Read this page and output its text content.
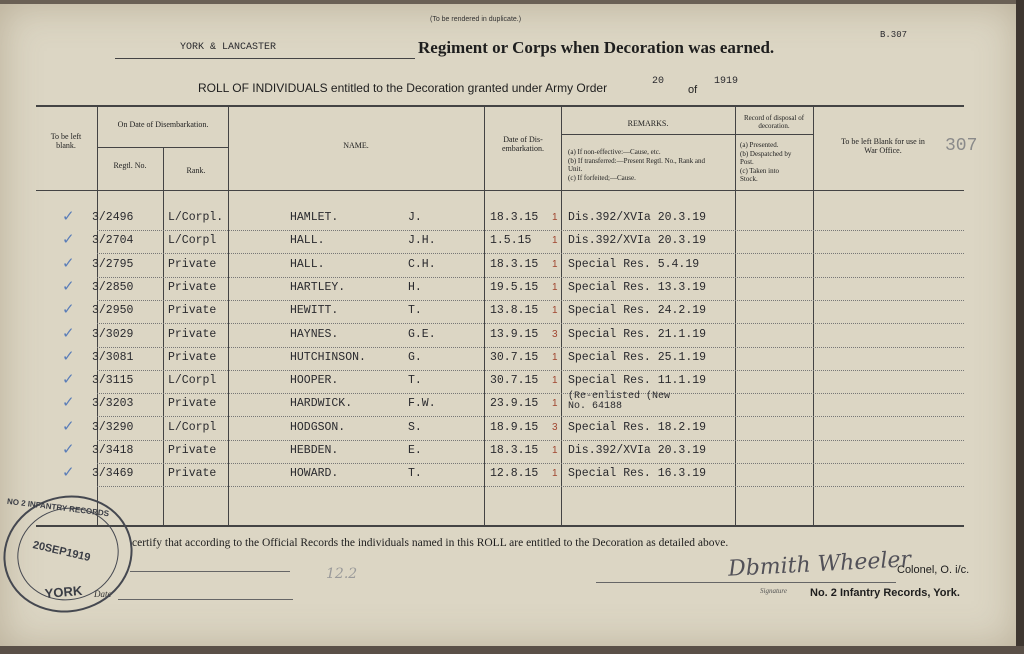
(To be rendered in duplicate.)
B.307
307
YORK & LANCASTER	Regiment or Corps when Decoration was earned.
ROLL OF INDIVIDUALS entitled to the Decoration granted under Army Order	20
of
1919
To be left blank.
On Date of Disembarkation.
Regtl. No.
Rank.
NAME.
Date of Dis-embarkation.
REMARKS.
(a) If non-effective:—Cause, etc.
(b) If transferred:—Present Regtl. No., Rank and Unit.
(c) If forfeited;—Cause.
Record of disposal of decoration.
(a) Presented.
(b) Despatched by Post.
(c) Taken into Stock.
To be left Blank for use in War Office.
✓ 3/2496	L/Corpl.	HAMLET.	J.	18.3.15 1 Dis.392/XVIa 20.3.19
✓ 3/2704	L/Corpl	HALL.	J.H.	1.5.15 1 Dis.392/XVIa 20.3.19
✓ 3/2795	Private	HALL.	C.H.	18.3.15 1 Special Res. 5.4.19
✓ 3/2850	Private	HARTLEY.	H.	19.5.15 1 Special Res. 13.3.19
✓ 3/2950	Private	HEWITT.	T.	13.8.15 1 Special Res. 24.2.19
✓ 3/3029	Private	HAYNES.	G.E.	13.9.15 3 Special Res. 21.1.19
✓ 3/3081	Private	HUTCHINSON.	G.	30.7.15 1 Special Res. 25.1.19
✓ 3/3115	L/Corpl	HOOPER.	T.	30.7.15 1 Special Res. 11.1.19
✓ 3/3203	Private	HARDWICK.	F.W.	23.9.15 1
(Re-enlisted (New No. 64188
✓ 3/3290	L/Corpl	HODGSON.	S.	18.9.15 3 Special Res. 18.2.19
✓ 3/3418	Private	HEBDEN.	E.	18.3.15 1 Dis.392/XVIa 20.3.19
✓ 3/3469	Private	HOWARD.	T.	12.8.15 1 Special Res. 16.3.19
certify that according to the Official Records the individuals named in this ROLL are entitled to the Decoration as detailed above.
12.2
Date
Dbmith Wheeler
Signature
Colonel, O. i/c.
No. 2 Infantry Records, York.
NO 2 INFANTRY RECORDS
20SEP1919
YORK
